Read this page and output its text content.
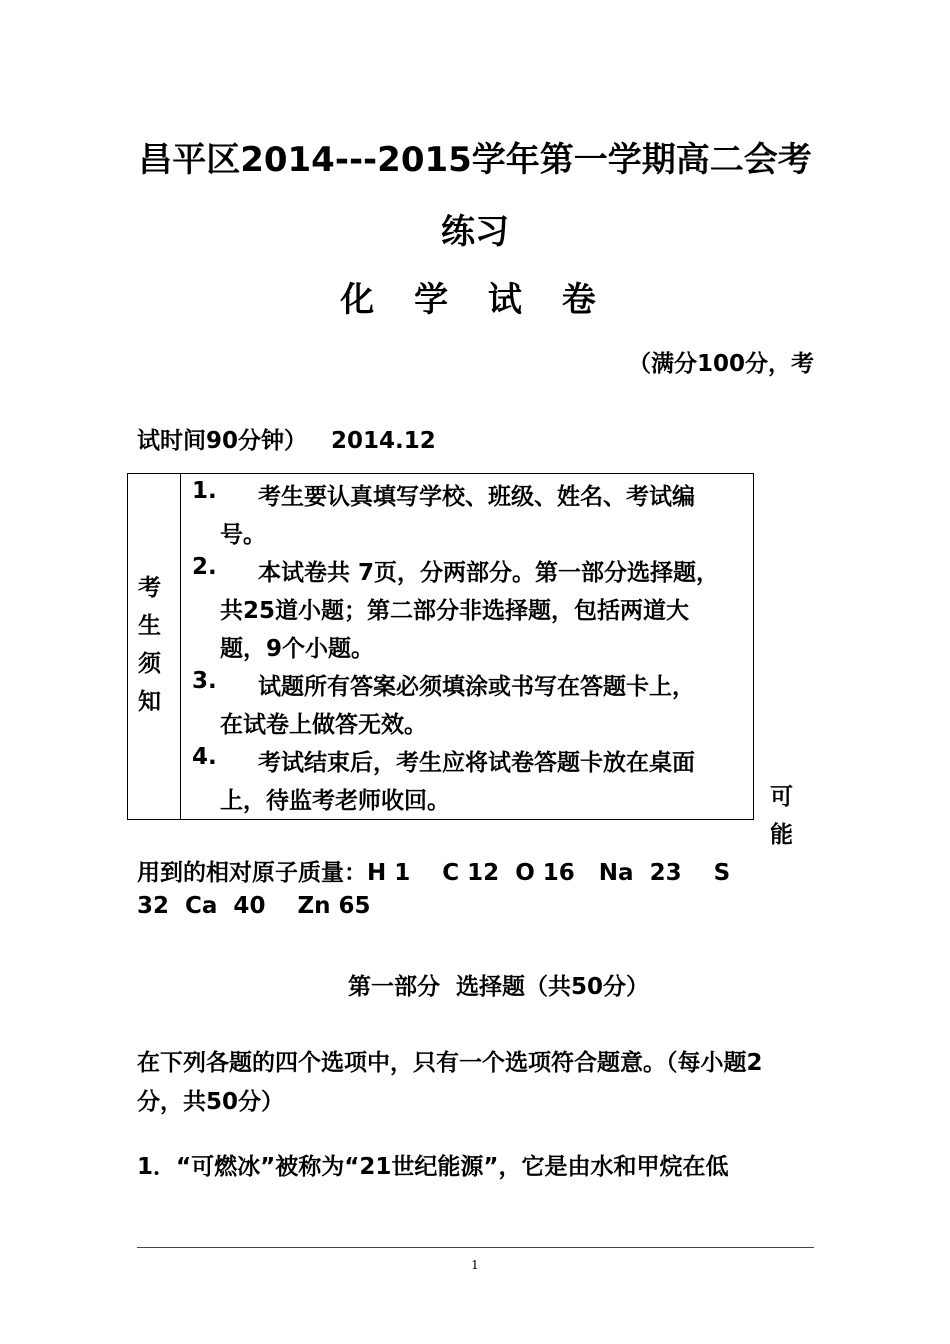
昌平区2014---2015学年第一学期高二会考
练习
化 学 试 卷
（满分100分，考
试时间90分钟）   2014.12
考
生
须
知
1. 考生要认真填写学校、班级、姓名、考试编
号。
2. 本试卷共 7页，分两部分。第一部分选择题，
共25道小题；第二部分非选择题，包括两道大
题，9个小题。
3. 试题所有答案必须填涂或书写在答题卡上，
在试卷上做答无效。
4. 考试结束后，考生应将试卷答题卡放在桌面
上，待监考老师收回。	可
能
用到的相对原子质量：H 1    C 12  O 16   Na  23    S
32  Ca  40    Zn 65
第一部分  选择题（共50分）
在下列各题的四个选项中，只有一个选项符合题意。（每小题2
分，共50分）
1．“可燃冰”被称为“21世纪能源”，它是由水和甲烷在低
1
